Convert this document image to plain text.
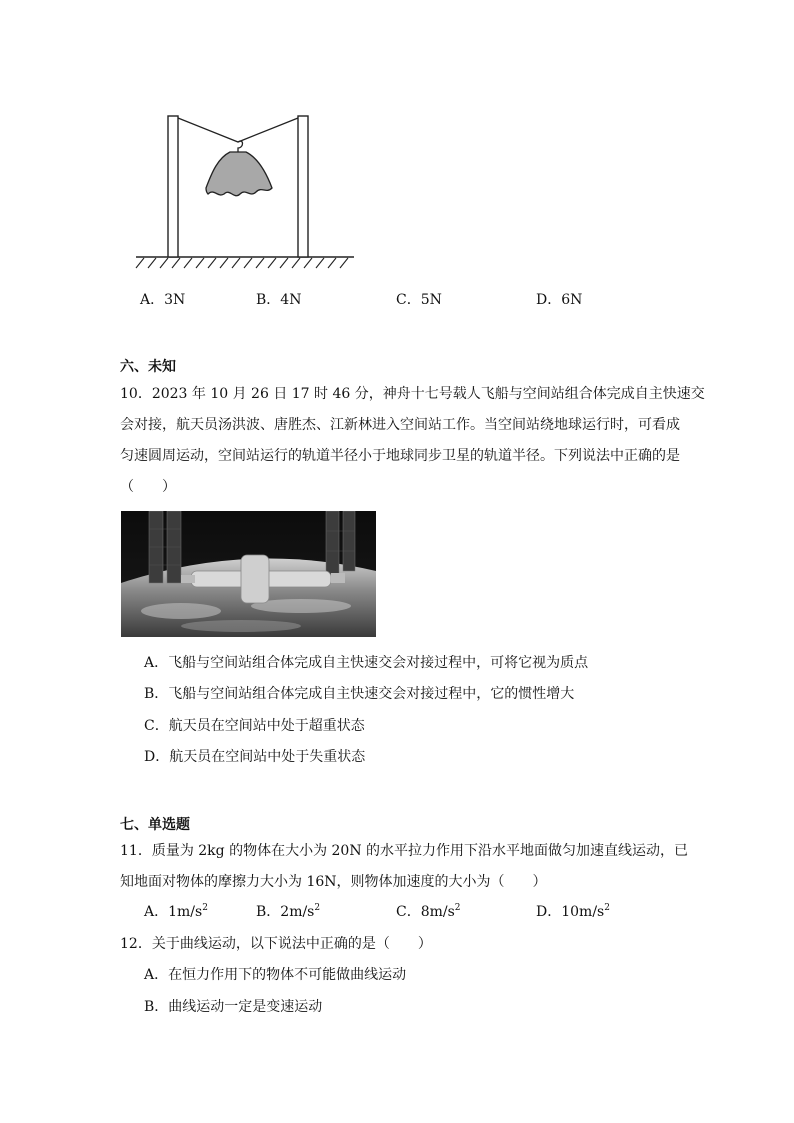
A．3N	B．4N	C．5N	D．6N
六、未知
10．2023 年 10 月 26 日 17 时 46 分，神舟十七号载人飞船与空间站组合体完成自主快速交
会对接，航天员汤洪波、唐胜杰、江新林进入空间站工作。当空间站绕地球运行时，可看成
匀速圆周运动，空间站运行的轨道半径小于地球同步卫星的轨道半径。下列说法中正确的是
（　　）
A．飞船与空间站组合体完成自主快速交会对接过程中，可将它视为质点
B．飞船与空间站组合体完成自主快速交会对接过程中，它的惯性增大
C．航天员在空间站中处于超重状态
D．航天员在空间站中处于失重状态
七、单选题
11．质量为 2kg 的物体在大小为 20N 的水平拉力作用下沿水平地面做匀加速直线运动，已
知地面对物体的摩擦力大小为 16N，则物体加速度的大小为（　　）
A．$1m/s^2$	B．$2m/s^2$	C．$8m/s^2$	D．$10m/s^2$
12．关于曲线运动，以下说法中正确的是（　　）
A．在恒力作用下的物体不可能做曲线运动
B．曲线运动一定是变速运动
